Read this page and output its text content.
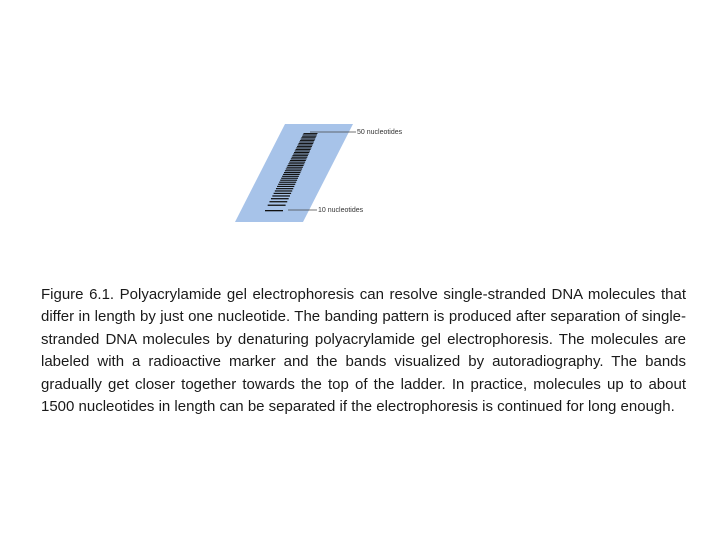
50 nucleotides
10 nucleotides

Figure 6.1. Polyacrylamide gel electrophoresis can resolve single-stranded DNA molecules that differ in length by just one nucleotide. The banding pattern is produced after separation of single-stranded DNA molecules by denaturing polyacrylamide gel electrophoresis. The molecules are labeled with a radioactive marker and the bands visualized by autoradiography. The bands gradually get closer together towards the top of the ladder. In practice, molecules up to about 1500 nucleotides in length can be separated if the electrophoresis is continued for long enough.
